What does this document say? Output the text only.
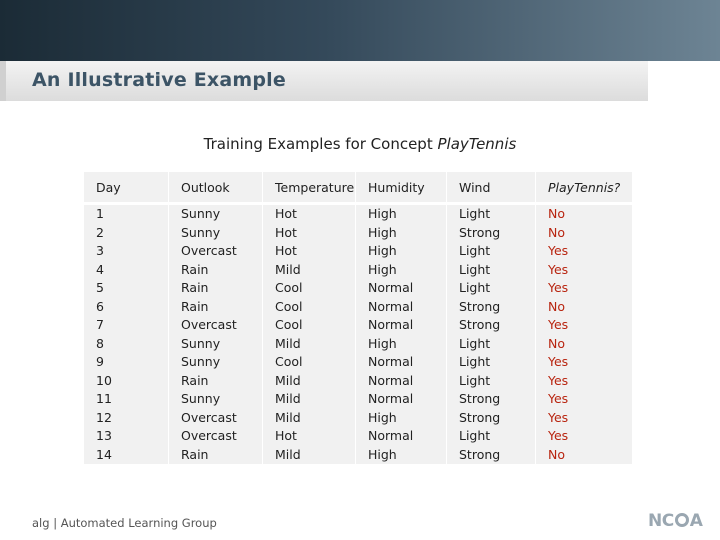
An Illustrative Example
Training Examples for Concept PlayTennis
Day	Outlook	Temperature	Humidity	Wind	PlayTennis?
1	Sunny	Hot	High	Light	No
2	Sunny	Hot	High	Strong	No
3	Overcast	Hot	High	Light	Yes
4	Rain	Mild	High	Light	Yes
5	Rain	Cool	Normal	Light	Yes
6	Rain	Cool	Normal	Strong	No
7	Overcast	Cool	Normal	Strong	Yes
8	Sunny	Mild	High	Light	No
9	Sunny	Cool	Normal	Light	Yes
10	Rain	Mild	Normal	Light	Yes
11	Sunny	Mild	Normal	Strong	Yes
12	Overcast	Mild	High	Strong	Yes
13	Overcast	Hot	Normal	Light	Yes
14	Rain	Mild	High	Strong	No
alg | Automated Learning Group	NC A
